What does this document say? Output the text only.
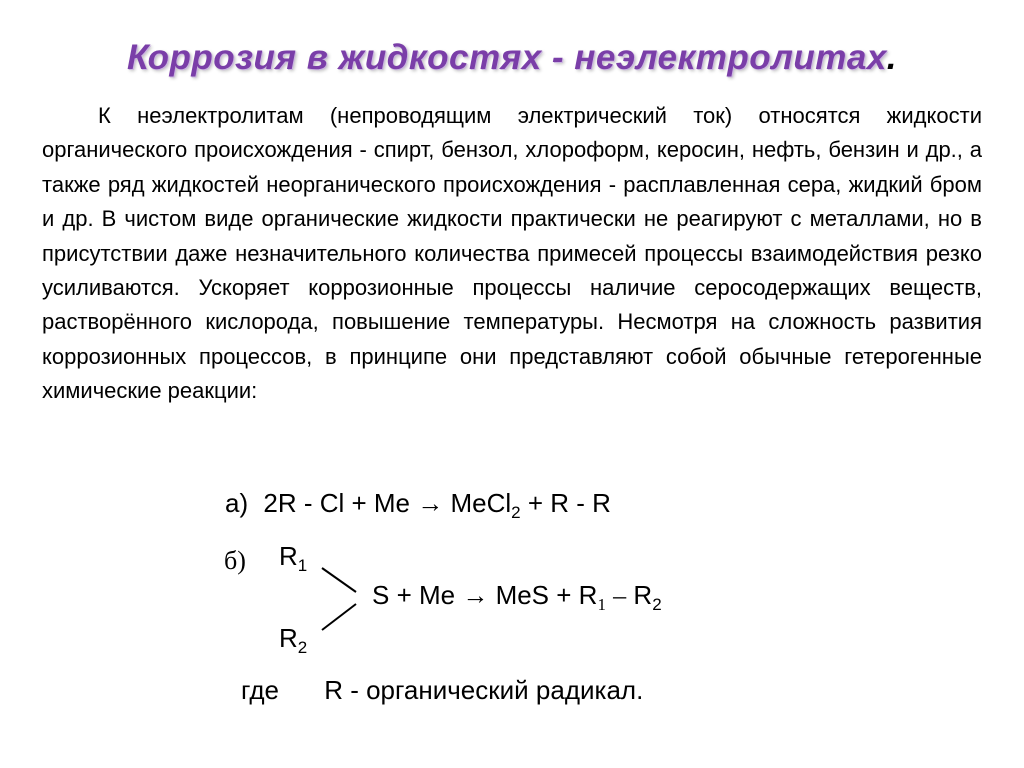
Коррозия в жидкостях - неэлектролитах.

К неэлектролитам (непроводящим электрический ток) относятся жидкости органического происхождения - спирт, бензол, хлороформ, керосин, нефть, бензин и др., а также ряд жидкостей неорганического происхождения - расплавленная сера, жидкий бром и др. В чистом виде органические жидкости практически не реагируют с металлами, но в присутствии даже незначительного количества примесей процессы взаимодействия резко усиливаются. Ускоряет коррозионные процессы наличие серосодержащих веществ, растворённого кислорода, повышение температуры. Несмотря на сложность развития коррозионных процессов, в принципе они представляют собой обычные гетерогенные химические реакции:

а) 2R - Cl + Me → MeCl$_2$ + R - R
б) $R_1$
S + Me → MeS + $R_1 - R_2$
$R_2$
где R - органический радикал.
